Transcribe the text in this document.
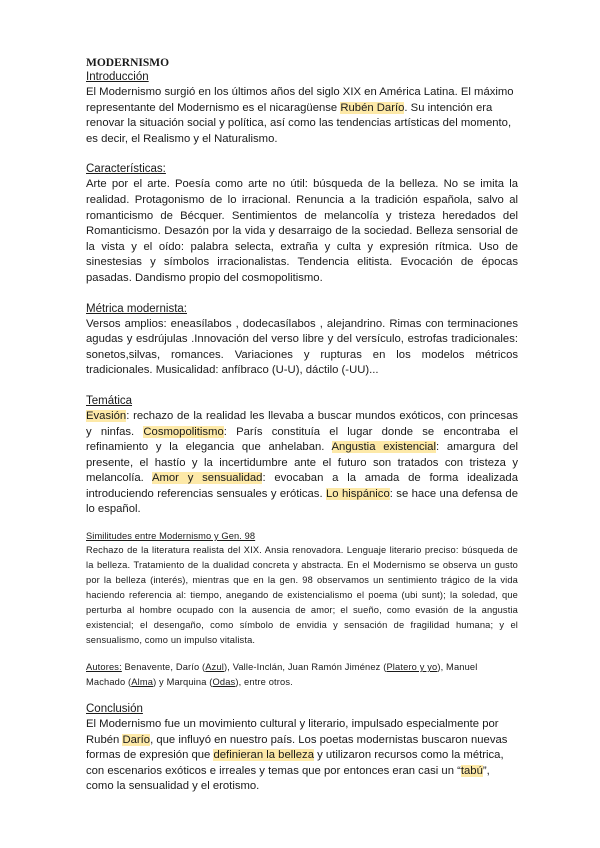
MODERNISMO

Introducción

El Modernismo surgió en los últimos años del siglo XIX en América Latina. El máximo representante del Modernismo es el nicaragüense Rubén Darío. Su intención era renovar la situación social y política, así como las tendencias artísticas del momento, es decir, el Realismo y el Naturalismo.

Características:

Arte por el arte. Poesía como arte no útil: búsqueda de la belleza. No se imita la realidad. Protagonismo de lo irracional. Renuncia a la tradición española, salvo al romanticismo de Bécquer. Sentimientos de melancolía y tristeza heredados del Romanticismo. Desazón por la vida y desarraigo de la sociedad. Belleza sensorial de la vista y el oído: palabra selecta, extraña y culta y expresión rítmica. Uso de sinestesias y símbolos irracionalistas. Tendencia elitista. Evocación de épocas pasadas. Dandismo propio del cosmopolitismo.

Métrica modernista:

Versos amplios: eneasílabos , dodecasílabos , alejandrino. Rimas con terminaciones agudas y esdrújulas .Innovación del verso libre y del versículo, estrofas tradicionales: sonetos,silvas, romances. Variaciones y rupturas en los modelos métricos tradicionales. Musicalidad: anfíbraco (U-U), dáctilo (-UU)...

Temática

Evasión: rechazo de la realidad les llevaba a buscar mundos exóticos, con princesas y ninfas. Cosmopolitismo: París constituía el lugar donde se encontraba el refinamiento y la elegancia que anhelaban. Angustia existencial: amargura del presente, el hastío y la incertidumbre ante el futuro son tratados con tristeza y melancolía. Amor y sensualidad: evocaban a la amada de forma idealizada introduciendo referencias sensuales y eróticas. Lo hispánico: se hace una defensa de lo español.

Similitudes entre Modernismo y Gen. 98

Rechazo de la literatura realista del XIX. Ansia renovadora. Lenguaje literario preciso: búsqueda de la belleza. Tratamiento de la dualidad concreta y abstracta. En el Modernismo se observa un gusto por la belleza (interés), mientras que en la gen. 98 observamos un sentimiento trágico de la vida haciendo referencia al: tiempo, anegando de existencialismo el poema (ubi sunt); la soledad, que perturba al hombre ocupado con la ausencia de amor; el sueño, como evasión de la angustia existencial; el desengaño, como símbolo de envidia y sensación de fragilidad humana; y el sensualismo, como un impulso vitalista.

Autores: Benavente, Darío (Azul), Valle-Inclán, Juan Ramón Jiménez (Platero y yo), Manuel Machado (Alma) y Marquina (Odas), entre otros.

Conclusión

El Modernismo fue un movimiento cultural y literario, impulsado especialmente por Rubén Darío, que influyó en nuestro país. Los poetas modernistas buscaron nuevas formas de expresión que definieran la belleza y utilizaron recursos como la métrica, con escenarios exóticos e irreales y temas que por entonces eran casi un “tabú”, como la sensualidad y el erotismo.
